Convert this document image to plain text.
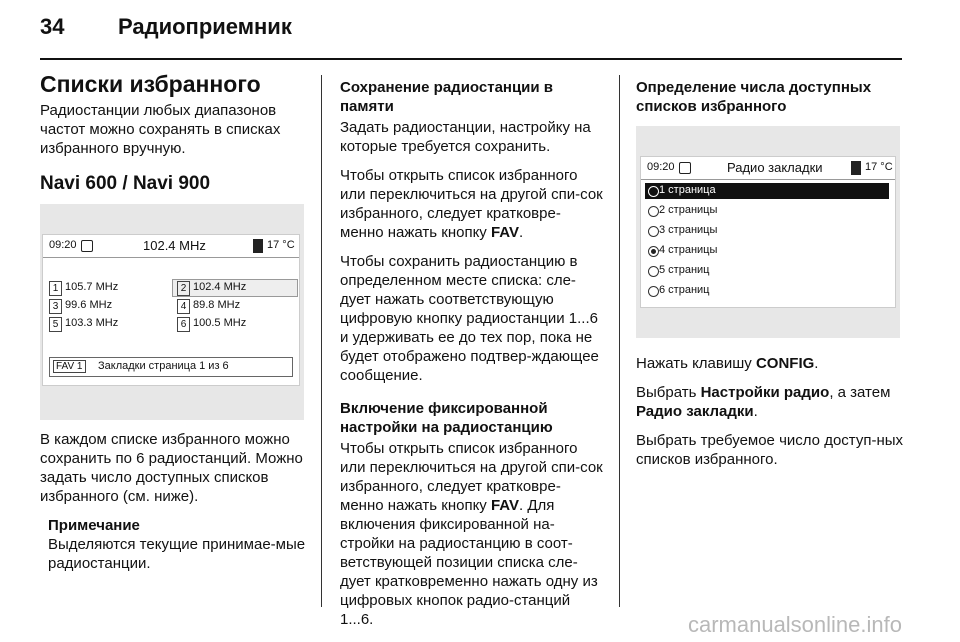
34 Радиоприемник
Списки избранного

Радиостанции любых диапазонов частот можно сохранять в списках избранного вручную.

Navi 600 / Navi 900
09:20	102.4 MHz	17 °C
1 105.7 MHz	2 102.4 MHz
3 99.6 MHz	4 89.8 MHz
5 103.3 MHz	6 100.5 MHz
FAV 1 Закладки страница 1 из 6

В каждом списке избранного можно сохранить по 6 радиостанций. Можно задать число доступных списков избранного (см. ниже).

Примечание

Выделяются текущие принимае-мые радиостанции.

Сохранение радиостанции в памяти

Задать радиостанции, настройку на которые требуется сохранить.

Чтобы открыть список избранного или переключиться на другой спи-сок избранного, следует кратковре-менно нажать кнопку FAV.

Чтобы сохранить радиостанцию в определенном месте списка: сле-дует нажать соответствующую цифровую кнопку радиостанции 1...6 и удерживать ее до тех пор, пока не будет отображено подтвер-ждающее сообщение.

Включение фиксированной настройки на радиостанцию

Чтобы открыть список избранного или переключиться на другой спи-сок избранного, следует кратковре-менно нажать кнопку FAV. Для включения фиксированной на-стройки на радиостанцию в соот-ветствующей позиции списка сле-дует кратковременно нажать одну из цифровых кнопок радио-станций 1...6.

Определение числа доступных списков избранного
09:20	Радио закладки	17 °C
1 страница
2 страницы
3 страницы
4 страницы
5 страниц
6 страниц

Нажать клавишу CONFIG.

Выбрать Настройки радио, а затем Радио закладки.

Выбрать требуемое число доступ-ных списков избранного.

carmanualsonline.info
